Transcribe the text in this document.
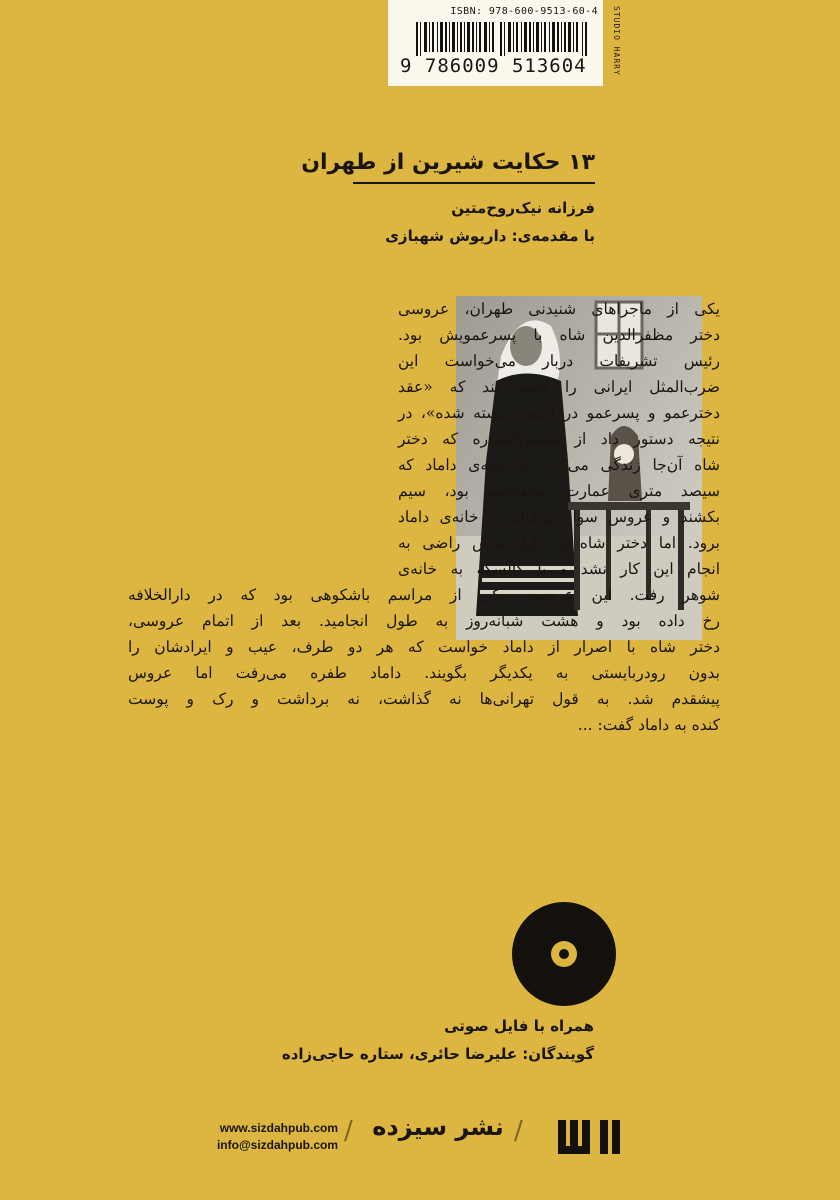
ISBN: 978-600-9513-60-4
9 786009 513604	STUDIO HARRY
۱۳ حکایت شیرین از طهران

فرزانه نیک‌روح‌متین

با مقدمه‌ی: داریوش شهبازی

یکی از ماجراهای شنیدنی طهران، عروسی
دختر مظفرالدین شاه با پسرعمویش بود.
رئیس تشریفات دربار می‌خواست این
ضرب‌المثل ایرانی را ثابت کند که «عقد
دخترعمو و پسرعمو در آسمان بسته شده»، در
نتیجه دستور داد از شمس‌العماره که دختر
شاه آن‌جا زندگی می‌کرد، تا خانه‌ی داماد که
سیصد متری عمارت شاهدخت بود، سیم
بکشند و عروس سوار برنقاله به خانه‌ی داماد
برود. اما دختر شاه به دلیل ترس راضی به
انجام این کار نشد و با کالسکه به خانه‌ی
شوهر رفت. این عروسی یکی از مراسم باشکوهی بود که در دارالخلافه
رخ داده بود و هشت شبانه‌روز به طول انجامید. بعد از اتمام عروسی،
دختر شاه با اصرار از داماد خواست که هر دو طرف، عیب و ایرادشان را
بدون رودربایستی به یکدیگر بگویند. داماد طفره می‌رفت اما عروس
پیشقدم شد. به قول تهرانی‌ها نه گذاشت، نه برداشت و رک و پوست
کنده به داماد گفت: ...

همراه با فایل صوتی

گویندگان: علیرضا حائری، ستاره حاجی‌زاده

www.sizdahpub.com
info@sizdahpub.com / نشر سیزده /
